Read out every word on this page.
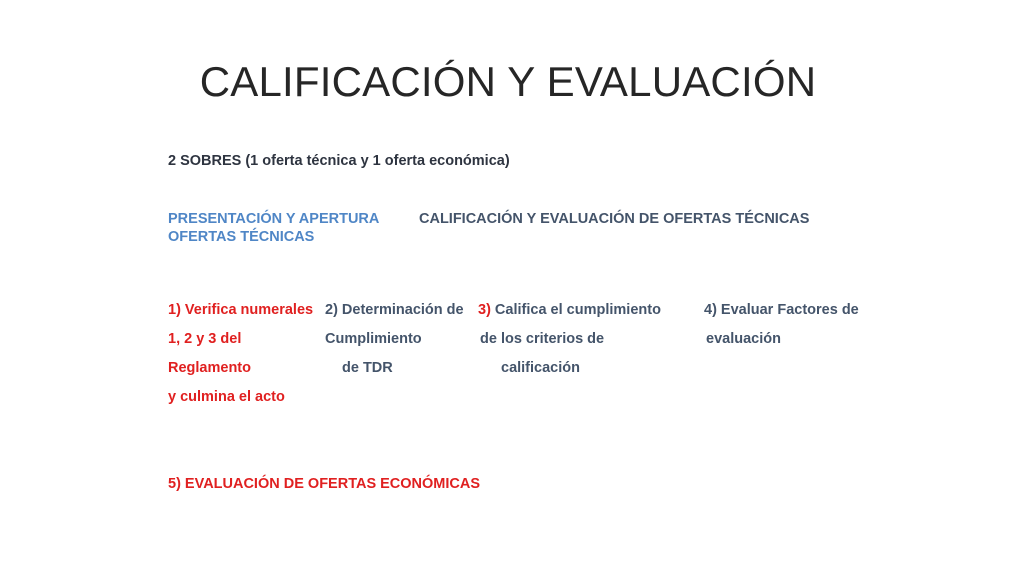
CALIFICACIÓN Y EVALUACIÓN
2 SOBRES (1 oferta técnica y 1 oferta económica)
PRESENTACIÓN Y APERTURA
OFERTAS TÉCNICAS
CALIFICACIÓN Y EVALUACIÓN DE OFERTAS TÉCNICAS
1) Verifica numerales
1, 2 y 3 del
Reglamento
y culmina el acto
2) Determinación de
Cumplimiento
de TDR
3) Califica el cumplimiento
de los criterios de
calificación
4) Evaluar Factores de
evaluación
5) EVALUACIÓN DE OFERTAS ECONÓMICAS
